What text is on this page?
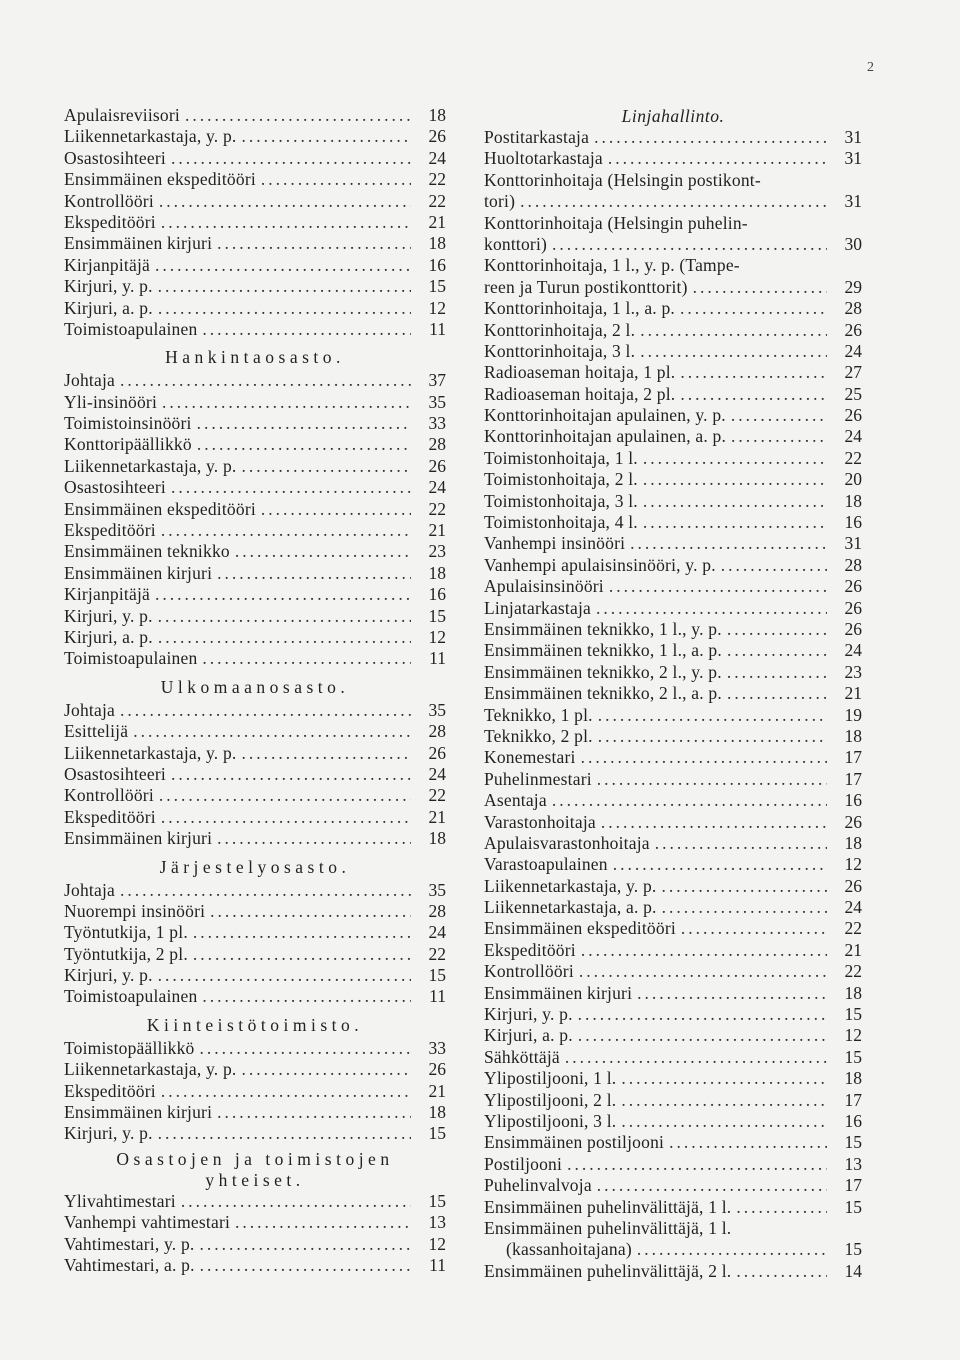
2
Apulaisreviisori .....	18
Liikennetarkastaja, y. p. .....	26
Osastosihteeri .....	24
Ensimmäinen ekspeditööri .....	22
Kontrollööri .....	22
Ekspeditööri .....	21
Ensimmäinen kirjuri .....	18
Kirjanpitäjä .....	16
Kirjuri, y. p. .....	15
Kirjuri, a. p. .....	12
Toimistoapulainen .....	11
Hankintaosasto.
Johtaja .....	37
Yli-insinööri .....	35
Toimistoinsinööri .....	33
Konttoripäällikkö .....	28
Liikennetarkastaja, y. p. .....	26
Osastosihteeri .....	24
Ensimmäinen ekspeditööri .....	22
Ekspeditööri .....	21
Ensimmäinen teknikko .....	23
Ensimmäinen kirjuri .....	18
Kirjanpitäjä .....	16
Kirjuri, y. p. .....	15
Kirjuri, a. p. .....	12
Toimistoapulainen .....	11
Ulkomaanosasto.
Johtaja .....	35
Esittelijä .....	28
Liikennetarkastaja, y. p. .....	26
Osastosihteeri .....	24
Kontrollööri .....	22
Ekspeditööri .....	21
Ensimmäinen kirjuri .....	18
Järjestelyosasto.
Johtaja .....	35
Nuorempi insinööri .....	28
Työntutkija, 1 pl. .....	24
Työntutkija, 2 pl. .....	22
Kirjuri, y. p. .....	15
Toimistoapulainen .....	11
Kiinteistötoimisto.
Toimistopäällikkö .....	33
Liikennetarkastaja, y. p. .....	26
Ekspeditööri .....	21
Ensimmäinen kirjuri .....	18
Kirjuri, y. p. .....	15
Osastojen ja toimistojen
yhteiset.
Ylivahtimestari .....	15
Vanhempi vahtimestari .....	13
Vahtimestari, y. p. .....	12
Vahtimestari, a. p. .....	11
Linjahallinto.
Postitarkastaja .....	31
Huoltotarkastaja .....	31
Konttorinhoitaja (Helsingin postikont-
tori) .....	31
Konttorinhoitaja (Helsingin puhelin-
konttori) .....	30
Konttorinhoitaja, 1 l., y. p. (Tampe-
reen ja Turun postikonttorit) .....	29
Konttorinhoitaja, 1 l., a. p. .....	28
Konttorinhoitaja, 2 l. .....	26
Konttorinhoitaja, 3 l. .....	24
Radioaseman hoitaja, 1 pl. .....	27
Radioaseman hoitaja, 2 pl. .....	25
Konttorinhoitajan apulainen, y. p. .....	26
Konttorinhoitajan apulainen, a. p. .....	24
Toimistonhoitaja, 1 l. .....	22
Toimistonhoitaja, 2 l. .....	20
Toimistonhoitaja, 3 l. .....	18
Toimistonhoitaja, 4 l. .....	16
Vanhempi insinööri .....	31
Vanhempi apulaisinsinööri, y. p. .....	28
Apulaisinsinööri .....	26
Linjatarkastaja .....	26
Ensimmäinen teknikko, 1 l., y. p. .....	26
Ensimmäinen teknikko, 1 l., a. p. .....	24
Ensimmäinen teknikko, 2 l., y. p. .....	23
Ensimmäinen teknikko, 2 l., a. p. .....	21
Teknikko, 1 pl. .....	19
Teknikko, 2 pl. .....	18
Konemestari .....	17
Puhelinmestari .....	17
Asentaja .....	16
Varastonhoitaja .....	26
Apulaisvarastonhoitaja .....	18
Varastoapulainen .....	12
Liikennetarkastaja, y. p. .....	26
Liikennetarkastaja, a. p. .....	24
Ensimmäinen ekspeditööri .....	22
Ekspeditööri .....	21
Kontrollööri .....	22
Ensimmäinen kirjuri .....	18
Kirjuri, y. p. .....	15
Kirjuri, a. p. .....	12
Sähköttäjä .....	15
Ylipostiljooni, 1 l. .....	18
Ylipostiljooni, 2 l. .....	17
Ylipostiljooni, 3 l. .....	16
Ensimmäinen postiljooni .....	15
Postiljooni .....	13
Puhelinvalvoja .....	17
Ensimmäinen puhelinvälittäjä, 1 l. .....	15
Ensimmäinen puhelinvälittäjä, 1 l.
(kassanhoitajana) .....	15
Ensimmäinen puhelinvälittäjä, 2 l. .....	14
